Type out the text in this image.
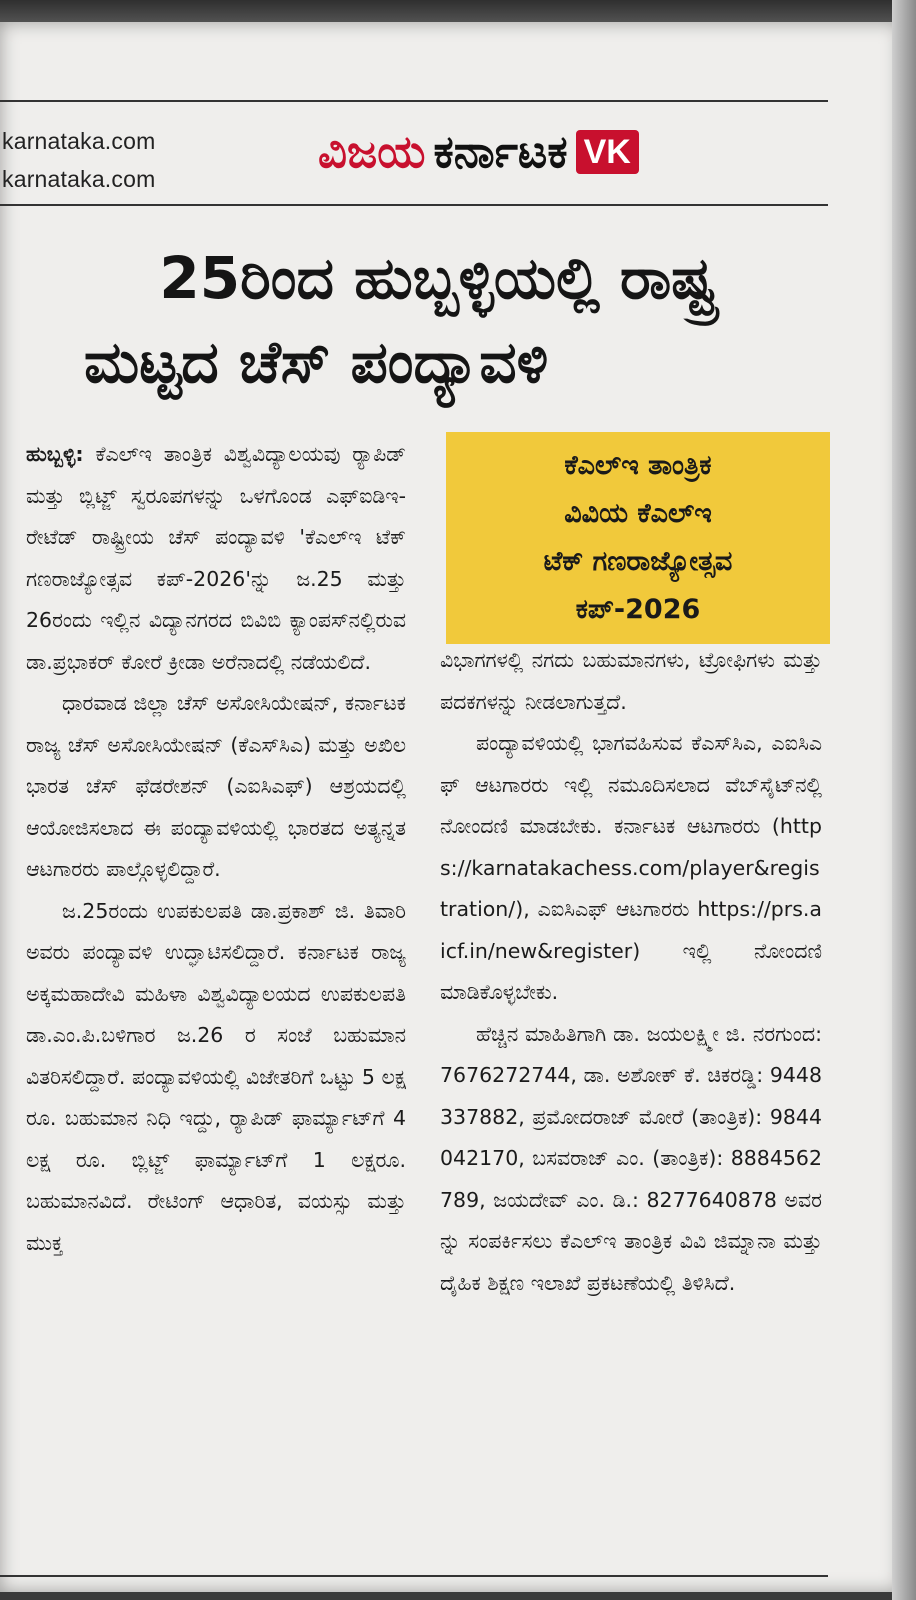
karnataka.com
karnataka.com
ವಿಜಯ ಕರ್ನಾಟಕ VK
25ರಿಂದ ಹುಬ್ಬಳ್ಳಿಯಲ್ಲಿ ರಾಷ್ಟ್ರ
ಮಟ್ಟದ ಚೆಸ್ ಪಂದ್ಯಾವಳಿ

ಹುಬ್ಬಳ್ಳಿ: ಕೆಎಲ್‌ಇ ತಾಂತ್ರಿಕ ವಿಶ್ವವಿದ್ಯಾಲಯವು ರ‍್ಯಾಪಿಡ್ ಮತ್ತು ಬ್ಲಿಟ್ಜ್ ಸ್ವರೂಪಗಳನ್ನು ಒಳಗೊಂಡ ಎಫ್‌ಐಡಿಇ-ರೇಟೆಡ್ ರಾಷ್ಟ್ರೀಯ ಚೆಸ್ ಪಂದ್ಯಾವಳಿ 'ಕೆಎಲ್‌ಇ ಟೆಕ್ ಗಣರಾಜ್ಯೋತ್ಸವ ಕಪ್-2026'ನ್ನು ಜ.25 ಮತ್ತು 26ರಂದು ಇಲ್ಲಿನ ವಿದ್ಯಾನಗರದ ಬಿವಿಬಿ ಕ್ಯಾಂಪಸ್‌ನಲ್ಲಿರುವ ಡಾ.ಪ್ರಭಾಕರ್ ಕೋರೆ ಕ್ರೀಡಾ ಅರೆನಾದಲ್ಲಿ ನಡೆಯಲಿದೆ.

ಧಾರವಾಡ ಜಿಲ್ಲಾ ಚೆಸ್ ಅಸೋಸಿಯೇಷನ್, ಕರ್ನಾಟಕ ರಾಜ್ಯ ಚೆಸ್ ಅಸೋಸಿಯೇಷನ್ (ಕೆಎಸ್‌ಸಿಎ) ಮತ್ತು ಅಖಿಲ ಭಾರತ ಚೆಸ್ ಫೆಡರೇಶನ್ (ಎಐಸಿಎಫ್) ಆಶ್ರಯದಲ್ಲಿ ಆಯೋಜಿಸಲಾದ ಈ ಪಂದ್ಯಾವಳಿಯಲ್ಲಿ ಭಾರತದ ಅತ್ಯನ್ನತ ಆಟಗಾರರು ಪಾಲ್ಗೊಳ್ಳಲಿದ್ದಾರೆ.

ಜ.25ರಂದು ಉಪಕುಲಪತಿ ಡಾ.ಪ್ರಕಾಶ್ ಜಿ. ತಿವಾರಿ ಅವರು ಪಂದ್ಯಾವಳಿ ಉದ್ಘಾಟಿಸಲಿದ್ದಾರೆ. ಕರ್ನಾಟಕ ರಾಜ್ಯ ಅಕ್ಕಮಹಾದೇವಿ ಮಹಿಳಾ ವಿಶ್ವವಿದ್ಯಾಲಯದ ಉಪಕುಲಪತಿ ಡಾ.ಎಂ.ಪಿ.ಬಳಿಗಾರ ಜ.26 ರ ಸಂಜೆ ಬಹುಮಾನ ವಿತರಿಸಲಿದ್ದಾರೆ. ಪಂದ್ಯಾವಳಿಯಲ್ಲಿ ವಿಜೇತರಿಗೆ ಒಟ್ಟು 5 ಲಕ್ಷ ರೂ. ಬಹುಮಾನ ನಿಧಿ ಇದ್ದು, ರ‍್ಯಾಪಿಡ್ ಫಾರ್ಮ್ಯಾಟ್‌ಗೆ 4 ಲಕ್ಷ ರೂ. ಬ್ಲಿಟ್ಜ್ ಫಾರ್ಮ್ಯಾಟ್‌ಗೆ 1 ಲಕ್ಷರೂ. ಬಹುಮಾನವಿದೆ. ರೇಟಿಂಗ್ ಆಧಾರಿತ, ವಯಸ್ಸು ಮತ್ತು ಮುಕ್ತ

ಕೆಎಲ್‌ಇ ತಾಂತ್ರಿಕ
ವಿವಿಯ ಕೆಎಲ್‌ಇ
ಟೆಕ್ ಗಣರಾಜ್ಯೋತ್ಸವ
ಕಪ್-2026

ವಿಭಾಗಗಳಲ್ಲಿ ನಗದು ಬಹುಮಾನಗಳು, ಟ್ರೋಫಿಗಳು ಮತ್ತು ಪದಕಗಳನ್ನು ನೀಡಲಾಗುತ್ತದೆ.

ಪಂದ್ಯಾವಳಿಯಲ್ಲಿ ಭಾಗವಹಿಸುವ ಕೆಎಸ್‌ಸಿಎ, ಎಐಸಿಎಫ್ ಆಟಗಾರರು ಇಲ್ಲಿ ನಮೂದಿಸಲಾದ ವೆಬ್‌ಸೈಟ್‌ನಲ್ಲಿ ನೋಂದಣಿ ಮಾಡಬೇಕು. ಕರ್ನಾಟಕ ಆಟಗಾರರು (https://karnatakachess.com/player&registration/), ಎಐಸಿಎಫ್ ಆಟಗಾರರು https://prs.aicf.in/new&register) ಇಲ್ಲಿ ನೋಂದಣಿ ಮಾಡಿಕೊಳ್ಳಬೇಕು.

ಹೆಚ್ಚಿನ ಮಾಹಿತಿಗಾಗಿ ಡಾ. ಜಯಲಕ್ಷ್ಮೀ ಜಿ. ನರಗುಂದ: 7676272744, ಡಾ. ಅಶೋಕ್ ಕೆ. ಚಿಕರಡ್ಡಿ: 9448337882, ಪ್ರಮೋದರಾಜ್ ಮೋರೆ (ತಾಂತ್ರಿಕ): 9844042170, ಬಸವರಾಜ್ ಎಂ. (ತಾಂತ್ರಿಕ): 8884562789, ಜಯದೇವ್ ಎಂ. ಡಿ.: 8277640878 ಅವರನ್ನು ಸಂಪರ್ಕಿಸಲು ಕೆಎಲ್‌ಇ ತಾಂತ್ರಿಕ ವಿವಿ ಜಿಮ್ನಾನಾ ಮತ್ತು ದೈಹಿಕ ಶಿಕ್ಷಣ ಇಲಾಖೆ ಪ್ರಕಟಣೆಯಲ್ಲಿ ತಿಳಿಸಿದೆ.
